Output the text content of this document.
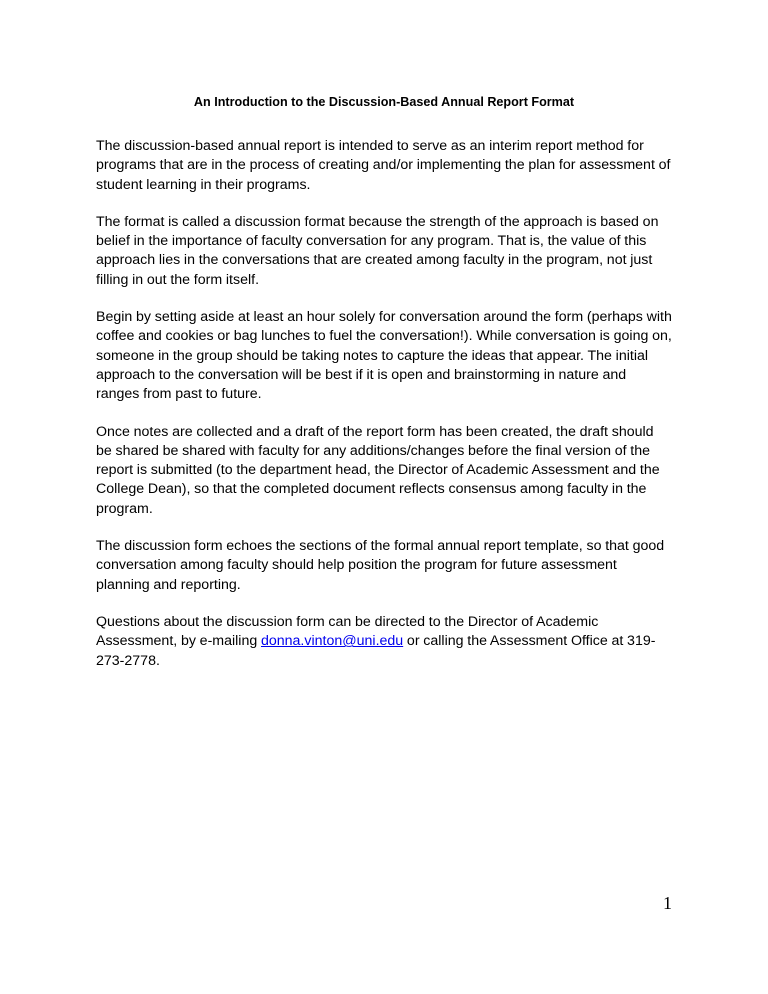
An Introduction to the Discussion-Based Annual Report Format

The discussion-based annual report is intended to serve as an interim report method for programs that are in the process of creating and/or implementing the plan for assessment of student learning in their programs.

The format is called a discussion format because the strength of the approach is based on belief in the importance of faculty conversation for any program. That is, the value of this approach lies in the conversations that are created among faculty in the program, not just filling in out the form itself.

Begin by setting aside at least an hour solely for conversation around the form (perhaps with coffee and cookies or bag lunches to fuel the conversation!). While conversation is going on, someone in the group should be taking notes to capture the ideas that appear. The initial approach to the conversation will be best if it is open and brainstorming in nature and ranges from past to future.

Once notes are collected and a draft of the report form has been created, the draft should be shared be shared with faculty for any additions/changes before the final version of the report is submitted (to the department head, the Director of Academic Assessment and the College Dean), so that the completed document reflects consensus among faculty in the program.

The discussion form echoes the sections of the formal annual report template, so that good conversation among faculty should help position the program for future assessment planning and reporting.

Questions about the discussion form can be directed to the Director of Academic Assessment, by e-mailing donna.vinton@uni.edu or calling the Assessment Office at 319-273-2778.

1
